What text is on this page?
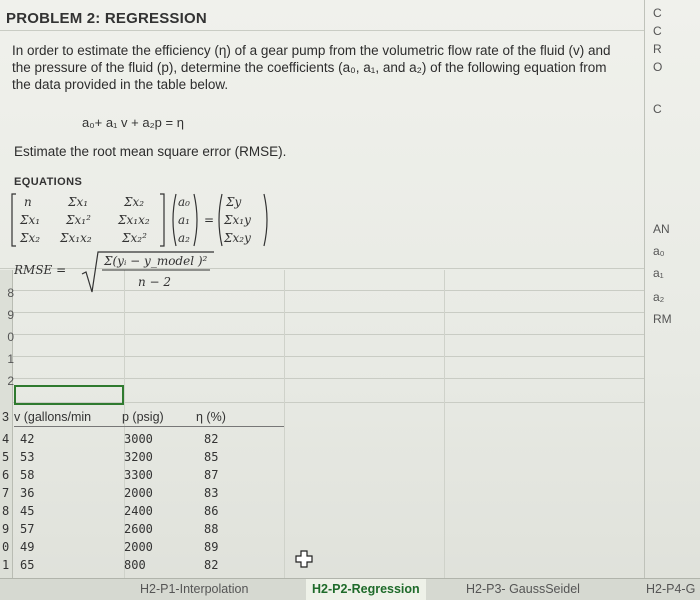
PROBLEM 2: REGRESSION
In order to estimate the efficiency (η) of a gear pump from the volumetric flow rate of the fluid (v) and
the pressure of the fluid (p), determine the coefficients (a₀, a₁, and a₂) of the following equation from
the data provided in the table below.
a₀+ a₁ v + a₂p = η
Estimate the root mean square error (RMSE).
EQUATIONS
n	Σx₁	Σx₂
Σx₁ Σx₁² Σx₁x₂
Σx₂ Σx₁x₂	Σx₂²
a₀
a₁
a₂
=
Σy
Σx₁y
Σx₂y
RMSE =
Σ(yᵢ − y_model )²
n − 2
C
C
R
O
C
AN
a₀
a₁
a₂
RM
8
9
0
1
2
3 v (gallons/min p (psig)	η (%)
4 42	3000	82
5 53	3200	85
6 58	3300	87
7 36	2000	83
8 45	2400	86
9 57	2600	88
0 49	2000	89
1 65	800	82
H2-P1-Interpolation	H2-P2-Regression	H2-P3- GaussSeidel	H2-P4-G
